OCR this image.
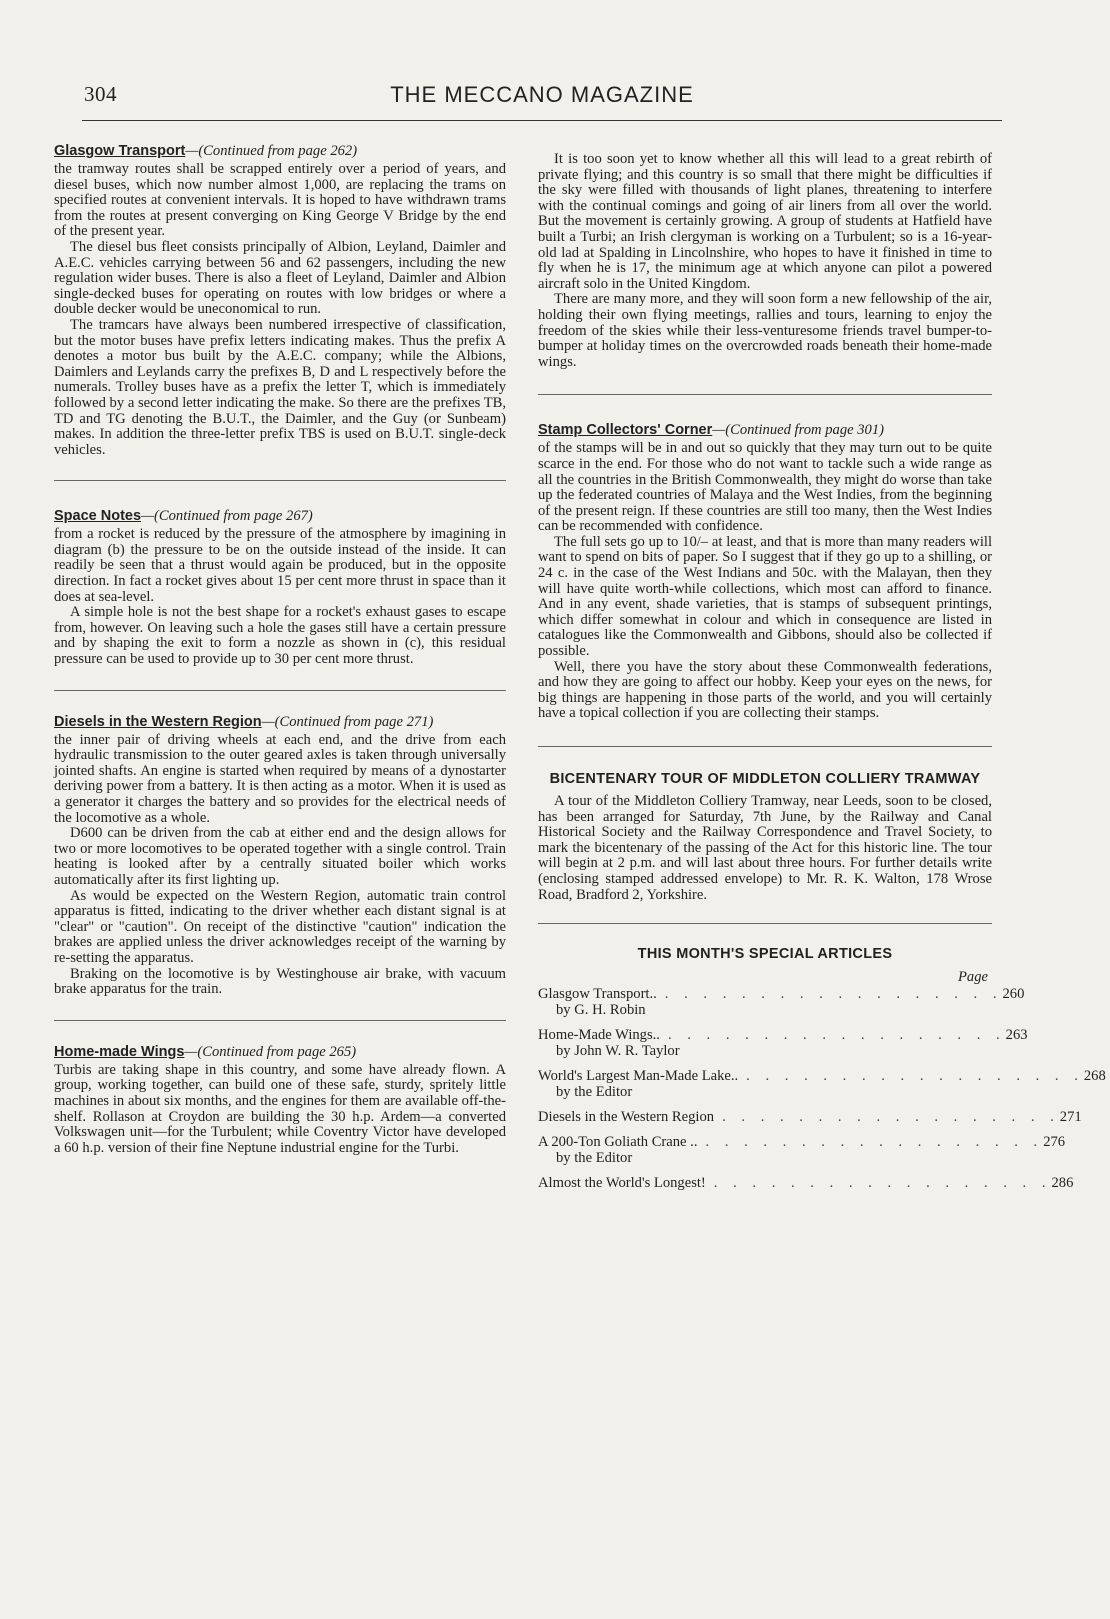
304	THE MECCANO MAGAZINE
Glasgow Transport—(Continued from page 262)

the tramway routes shall be scrapped entirely over a period of years, and diesel buses, which now number almost 1,000, are replacing the trams on specified routes at convenient intervals. It is hoped to have withdrawn trams from the routes at present converging on King George V Bridge by the end of the present year.

The diesel bus fleet consists principally of Albion, Leyland, Daimler and A.E.C. vehicles carrying between 56 and 62 passengers, including the new regulation wider buses. There is also a fleet of Leyland, Daimler and Albion single-decked buses for operating on routes with low bridges or where a double decker would be uneconomical to run.

The tramcars have always been numbered irrespective of classification, but the motor buses have prefix letters indicating makes. Thus the prefix A denotes a motor bus built by the A.E.C. company; while the Albions, Daimlers and Leylands carry the prefixes B, D and L respectively before the numerals. Trolley buses have as a prefix the letter T, which is immediately followed by a second letter indicating the make. So there are the prefixes TB, TD and TG denoting the B.U.T., the Daimler, and the Guy (or Sunbeam) makes. In addition the three-letter prefix TBS is used on B.U.T. single-deck vehicles.

Space Notes—(Continued from page 267)

from a rocket is reduced by the pressure of the atmosphere by imagining in diagram (b) the pressure to be on the outside instead of the inside. It can readily be seen that a thrust would again be produced, but in the opposite direction. In fact a rocket gives about 15 per cent more thrust in space than it does at sea-level.

A simple hole is not the best shape for a rocket's exhaust gases to escape from, however. On leaving such a hole the gases still have a certain pressure and by shaping the exit to form a nozzle as shown in (c), this residual pressure can be used to provide up to 30 per cent more thrust.

Diesels in the Western Region—(Continued from page 271)

the inner pair of driving wheels at each end, and the drive from each hydraulic transmission to the outer geared axles is taken through universally jointed shafts. An engine is started when required by means of a dynostarter deriving power from a battery. It is then acting as a motor. When it is used as a generator it charges the battery and so provides for the electrical needs of the locomotive as a whole.

D600 can be driven from the cab at either end and the design allows for two or more locomotives to be operated together with a single control. Train heating is looked after by a centrally situated boiler which works automatically after its first lighting up.

As would be expected on the Western Region, automatic train control apparatus is fitted, indicating to the driver whether each distant signal is at "clear" or "caution". On receipt of the distinctive "caution" indication the brakes are applied unless the driver acknowledges receipt of the warning by re-setting the apparatus.

Braking on the locomotive is by Westinghouse air brake, with vacuum brake apparatus for the train.

Home-made Wings—(Continued from page 265)

Turbis are taking shape in this country, and some have already flown. A group, working together, can build one of these safe, sturdy, spritely little machines in about six months, and the engines for them are available off-the-shelf. Rollason at Croydon are building the 30 h.p. Ardem—a converted Volkswagen unit—for the Turbulent; while Coventry Victor have developed a 60 h.p. version of their fine Neptune industrial engine for the Turbi.

It is too soon yet to know whether all this will lead to a great rebirth of private flying; and this country is so small that there might be difficulties if the sky were filled with thousands of light planes, threatening to interfere with the continual comings and going of air liners from all over the world. But the movement is certainly growing. A group of students at Hatfield have built a Turbi; an Irish clergyman is working on a Turbulent; so is a 16-year-old lad at Spalding in Lincolnshire, who hopes to have it finished in time to fly when he is 17, the minimum age at which anyone can pilot a powered aircraft solo in the United Kingdom.

There are many more, and they will soon form a new fellowship of the air, holding their own flying meetings, rallies and tours, learning to enjoy the freedom of the skies while their less-venturesome friends travel bumper-to-bumper at holiday times on the overcrowded roads beneath their home-made wings.

Stamp Collectors' Corner—(Continued from page 301)

of the stamps will be in and out so quickly that they may turn out to be quite scarce in the end. For those who do not want to tackle such a wide range as all the countries in the British Commonwealth, they might do worse than take up the federated countries of Malaya and the West Indies, from the beginning of the present reign. If these countries are still too many, then the West Indies can be recommended with confidence.

The full sets go up to 10/– at least, and that is more than many readers will want to spend on bits of paper. So I suggest that if they go up to a shilling, or 24 c. in the case of the West Indians and 50c. with the Malayan, then they will have quite worth-while collections, which most can afford to finance. And in any event, shade varieties, that is stamps of subsequent printings, which differ somewhat in colour and which in consequence are listed in catalogues like the Commonwealth and Gibbons, should also be collected if possible.

Well, there you have the story about these Commonwealth federations, and how they are going to affect our hobby. Keep your eyes on the news, for big things are happening in those parts of the world, and you will certainly have a topical collection if you are collecting their stamps.

BICENTENARY TOUR OF MIDDLETON COLLIERY TRAMWAY

A tour of the Middleton Colliery Tramway, near Leeds, soon to be closed, has been arranged for Saturday, 7th June, by the Railway and Canal Historical Society and the Railway Correspondence and Travel Society, to mark the bicentenary of the passing of the Act for this historic line. The tour will begin at 2 p.m. and will last about three hours. For further details write (enclosing stamped addressed envelope) to Mr. R. K. Walton, 178 Wrose Road, Bradford 2, Yorkshire.

THIS MONTH'S SPECIAL ARTICLES
Page
Glasgow Transport.. . . . . . . . . . . . . . . . . . . 260
by G. H. Robin
Home-Made Wings.. . . . . . . . . . . . . . . . . . . 263
by John W. R. Taylor
World's Largest Man-Made Lake.. . . . . . . . . . . . . . . . . . . 268
by the Editor
Diesels in the Western Region . . . . . . . . . . . . . . . . . . 271
A 200-Ton Goliath Crane .. . . . . . . . . . . . . . . . . . . 276
by the Editor
Almost the World's Longest! . . . . . . . . . . . . . . . . . . 286
